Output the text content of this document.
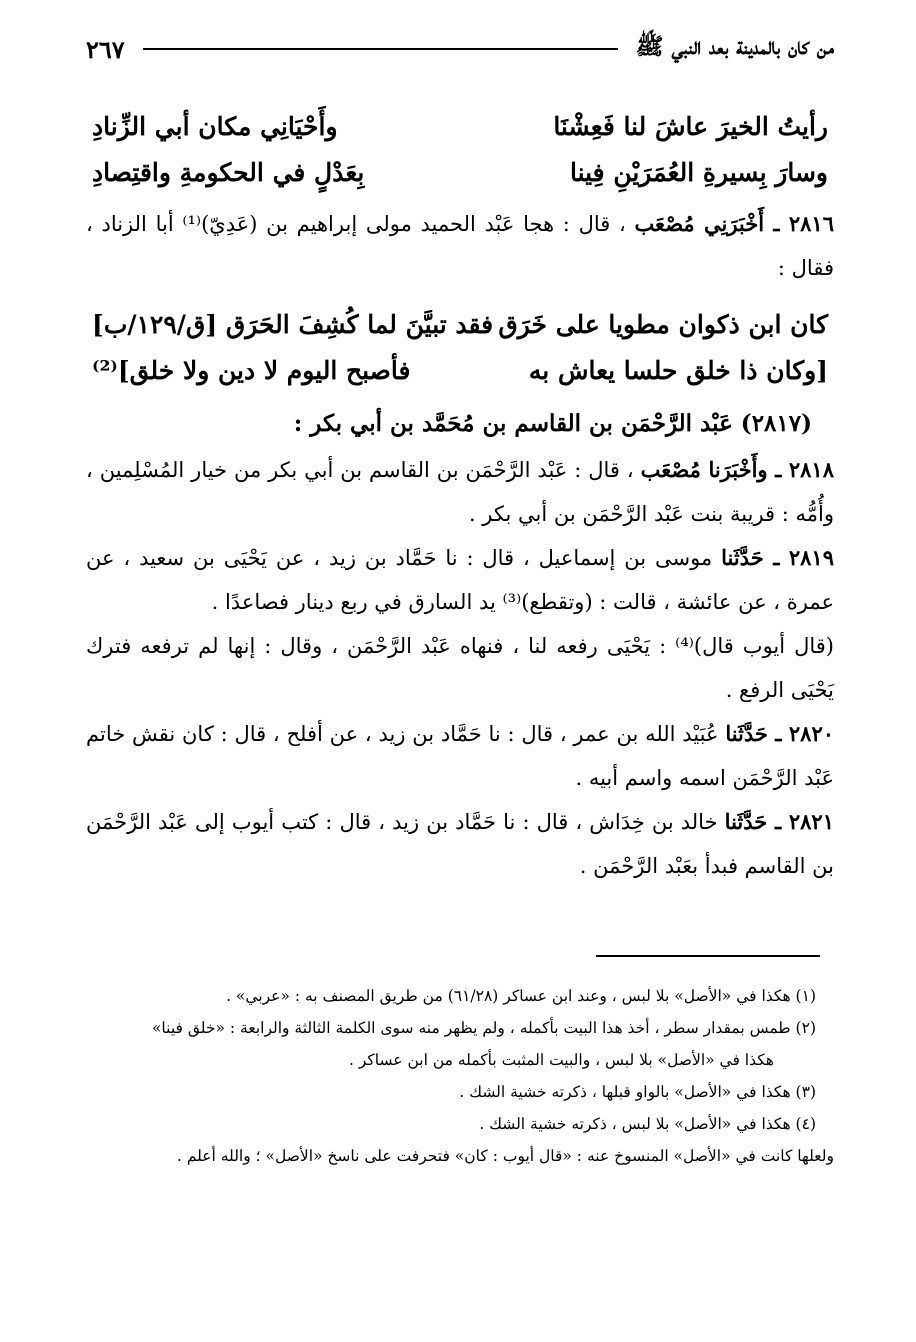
من كان بالمدينة بعد النبي ﷺ
٢٦٧
رأيتُ الخيرَ عاشَ لنا فَعِشْنَا
وأَحْيَانِي مكان أبي الزِّنادِ
وسارَ بِسيرةِ العُمَرَيْنِ فِينا
بِعَدْلٍ في الحكومةِ واقتِصادِ

٢٨١٦ ـ أَخْبَرَنِي مُصْعَب ، قال : هجا عَبْد الحميد مولى إبراهيم بن (عَدِيّ)⁽¹⁾ أبا الزناد ، فقال :

كان ابن ذكوان مطويا على خَرَق
فقد تبيَّنَ لما كُشِفَ الحَرَق [ق/١٢٩/ب]
[وكان ذا خلق حلسا يعاش به
فأصبح اليوم لا دين ولا خلق]⁽²⁾

(٢٨١٧) عَبْد الرَّحْمَن بن القاسم بن مُحَمَّد بن أبي بكر :

٢٨١٨ ـ وأَخْبَرَنا مُصْعَب ، قال : عَبْد الرَّحْمَن بن القاسم بن أبي بكر من خيار المُسْلِمين ، وأُمُّه : قريبة بنت عَبْد الرَّحْمَن بن أبي بكر .

٢٨١٩ ـ حَدَّثَنا موسى بن إسماعيل ، قال : نا حَمَّاد بن زيد ، عن يَحْيَى بن سعيد ، عن عمرة ، عن عائشة ، قالت : (وتقطع)⁽³⁾ يد السارق في ربع دينار فصاعدًا .

(قال أيوب قال)⁽⁴⁾ : يَحْيَى رفعه لنا ، فنهاه عَبْد الرَّحْمَن ، وقال : إنها لم ترفعه فترك يَحْيَى الرفع .

٢٨٢٠ ـ حَدَّثَنا عُبَيْد الله بن عمر ، قال : نا حَمَّاد بن زيد ، عن أفلح ، قال : كان نقش خاتم عَبْد الرَّحْمَن اسمه واسم أبيه .

٢٨٢١ ـ حَدَّثَنا خالد بن خِدَاش ، قال : نا حَمَّاد بن زيد ، قال : كتب أيوب إلى عَبْد الرَّحْمَن بن القاسم فبدأ بعَبْد الرَّحْمَن .

(١) هكذا في «الأصل» بلا لبس ، وعند ابن عساكر (٦١/٢٨) من طريق المصنف به : «عربي» .

(٢) طمس بمقدار سطر ، أخذ هذا البيت بأكمله ، ولم يظهر منه سوى الكلمة الثالثة والرابعة : «خلق فينا»

هكذا في «الأصل» بلا لبس ، والبيت المثبت بأكمله من ابن عساكر .

(٣) هكذا في «الأصل» بالواو قبلها ، ذكرته خشية الشك .

(٤) هكذا في «الأصل» بلا لبس ، ذكرته خشية الشك .

ولعلها كانت في «الأصل» المنسوخ عنه : «قال أيوب : كان» فتحرفت على ناسخ «الأصل» ؛ والله أعلم .
